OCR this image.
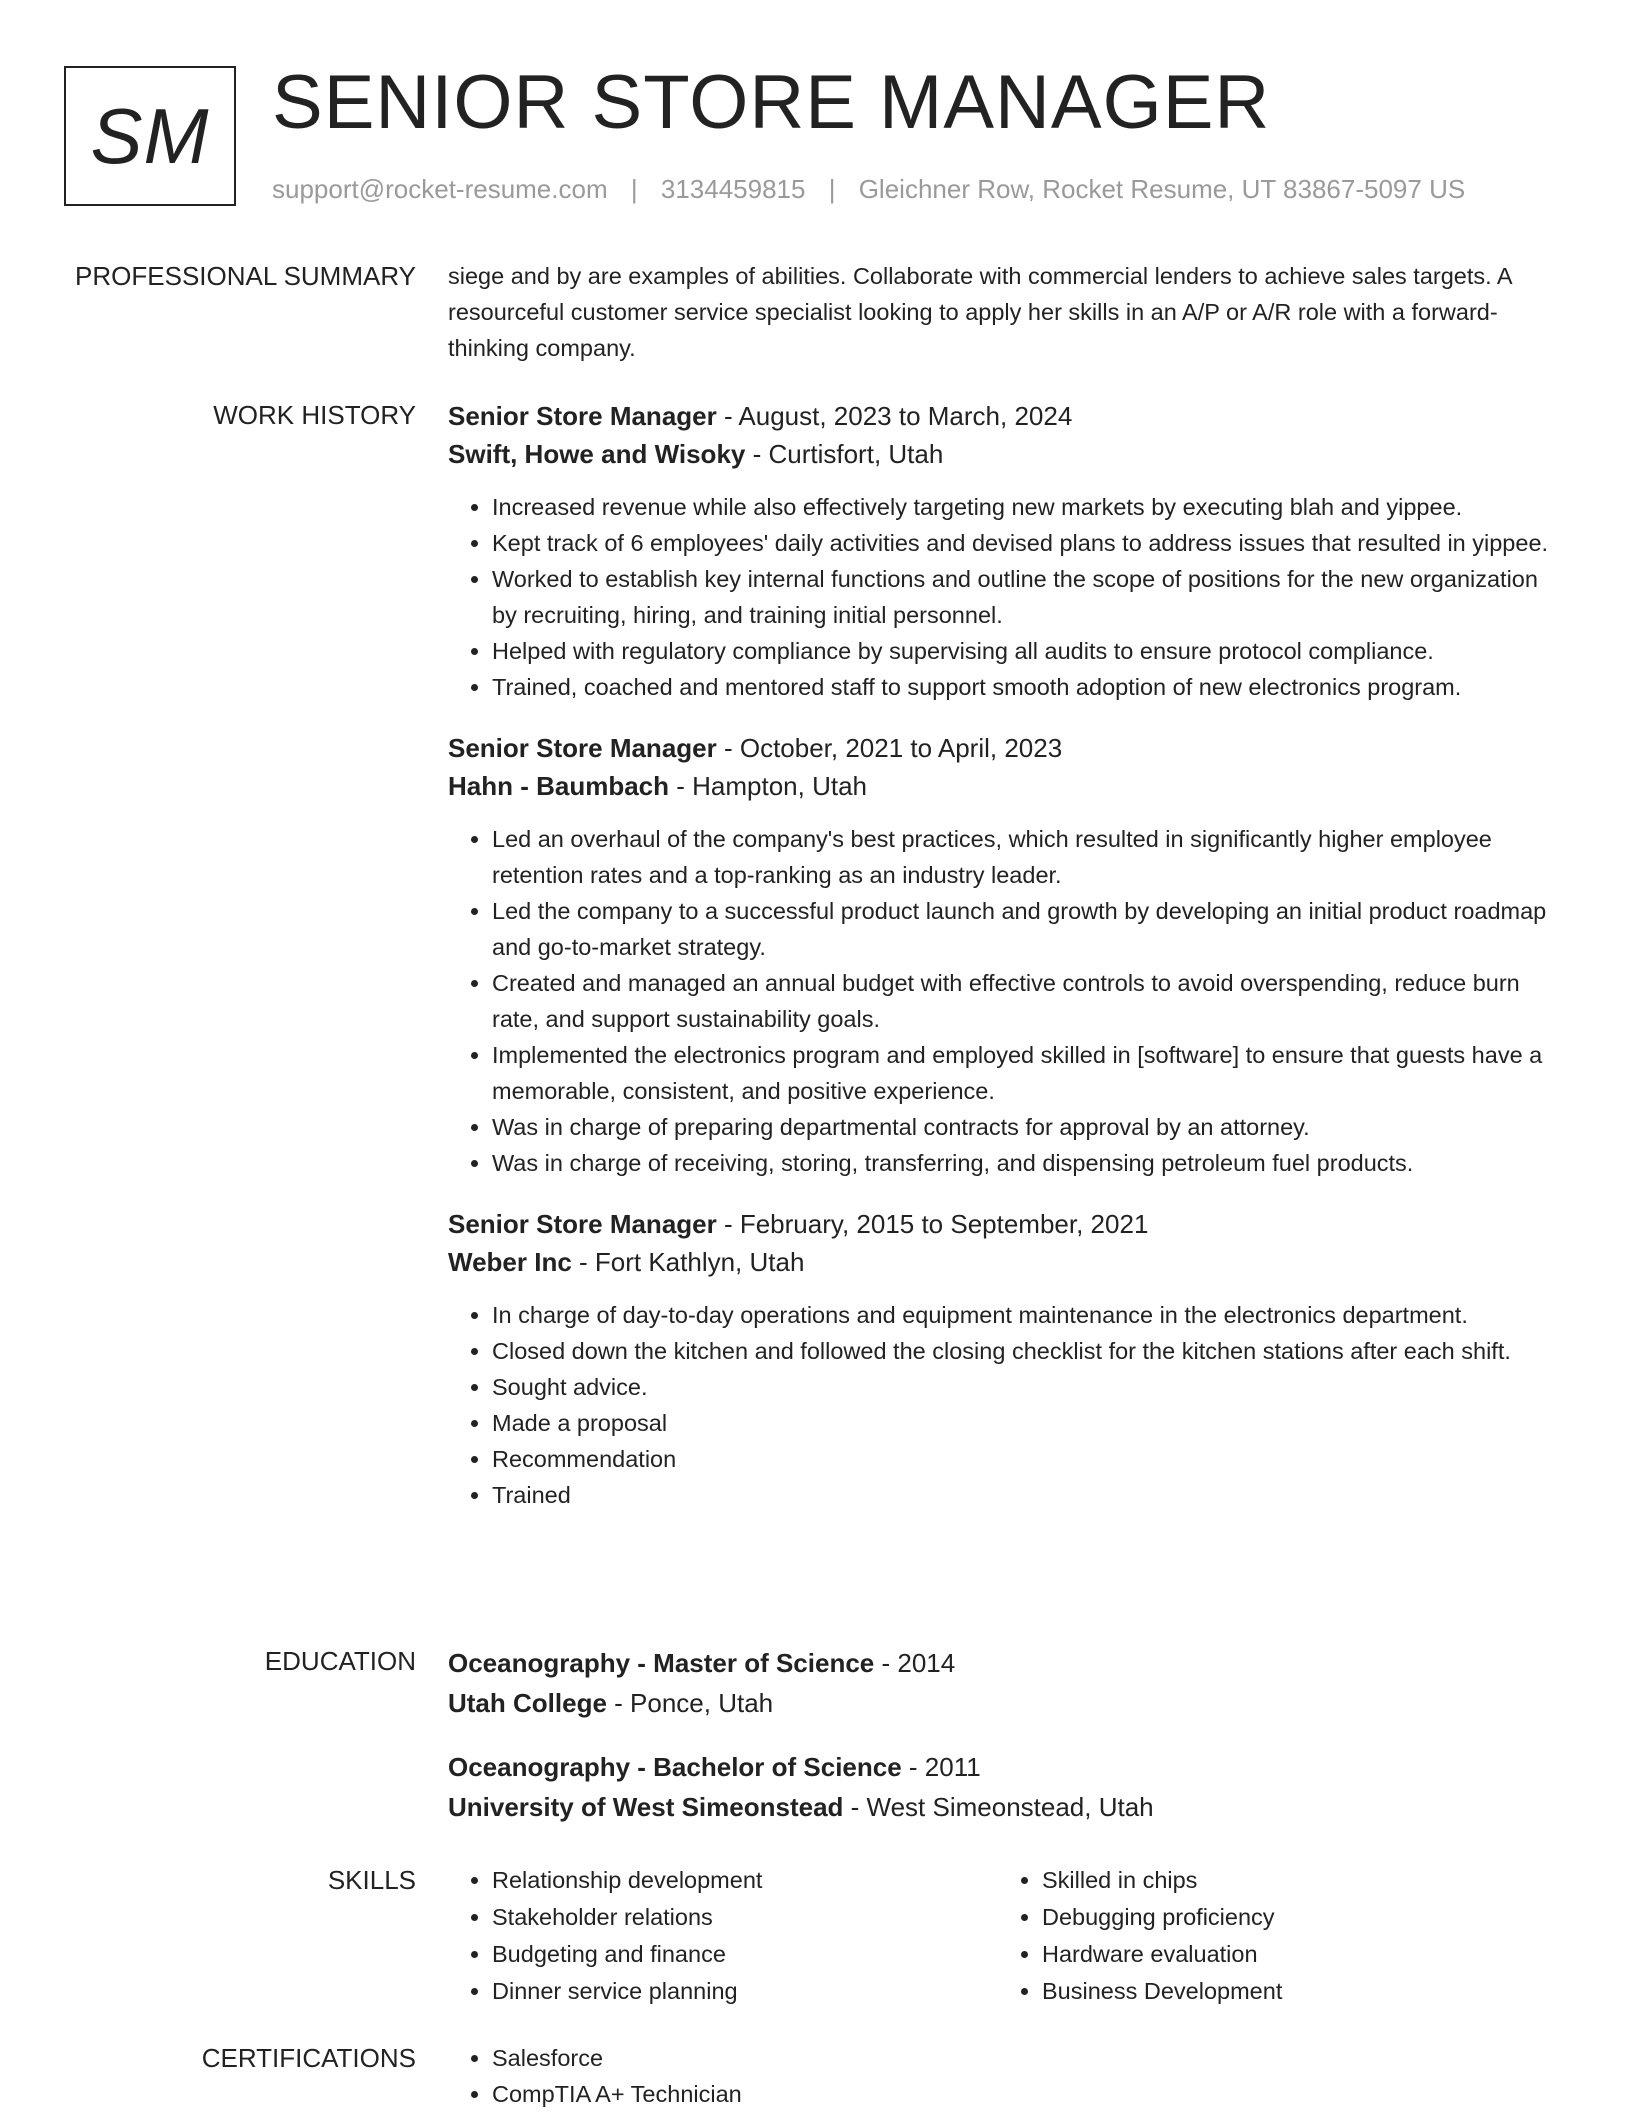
SM SENIOR STORE MANAGER
support@rocket-resume.com | 3134459815 | Gleichner Row, Rocket Resume, UT 83867-5097 US
PROFESSIONAL SUMMARY siege and by are examples of abilities. Collaborate with commercial lenders to achieve sales targets. A resourceful customer service specialist looking to apply her skills in an A/P or A/R role with a forward-thinking company.

WORK HISTORY Senior Store Manager - August, 2023 to March, 2024
Swift, Howe and Wisoky - Curtisfort, Utah
• Increased revenue while also effectively targeting new markets by executing blah and yippee.
• Kept track of 6 employees' daily activities and devised plans to address issues that resulted in yippee.
• Worked to establish key internal functions and outline the scope of positions for the new organization by recruiting, hiring, and training initial personnel.
• Helped with regulatory compliance by supervising all audits to ensure protocol compliance.
• Trained, coached and mentored staff to support smooth adoption of new electronics program.
Senior Store Manager - October, 2021 to April, 2023
Hahn - Baumbach - Hampton, Utah
• Led an overhaul of the company's best practices, which resulted in significantly higher employee retention rates and a top-ranking as an industry leader.
• Led the company to a successful product launch and growth by developing an initial product roadmap and go-to-market strategy.
• Created and managed an annual budget with effective controls to avoid overspending, reduce burn rate, and support sustainability goals.
• Implemented the electronics program and employed skilled in [software] to ensure that guests have a memorable, consistent, and positive experience.
• Was in charge of preparing departmental contracts for approval by an attorney.
• Was in charge of receiving, storing, transferring, and dispensing petroleum fuel products.
Senior Store Manager - February, 2015 to September, 2021
Weber Inc - Fort Kathlyn, Utah
• In charge of day-to-day operations and equipment maintenance in the electronics department.
• Closed down the kitchen and followed the closing checklist for the kitchen stations after each shift.
• Sought advice.
• Made a proposal
• Recommendation
• Trained
EDUCATION Oceanography - Master of Science - 2014
Utah College - Ponce, Utah
Oceanography - Bachelor of Science - 2011
University of West Simeonstead - West Simeonstead, Utah
SKILLS	• Relationship development
• Stakeholder relations
• Budgeting and finance
• Dinner service planning
• Skilled in chips
• Debugging proficiency
• Hardware evaluation
• Business Development
CERTIFICATIONS	• Salesforce
• CompTIA A+ Technician
